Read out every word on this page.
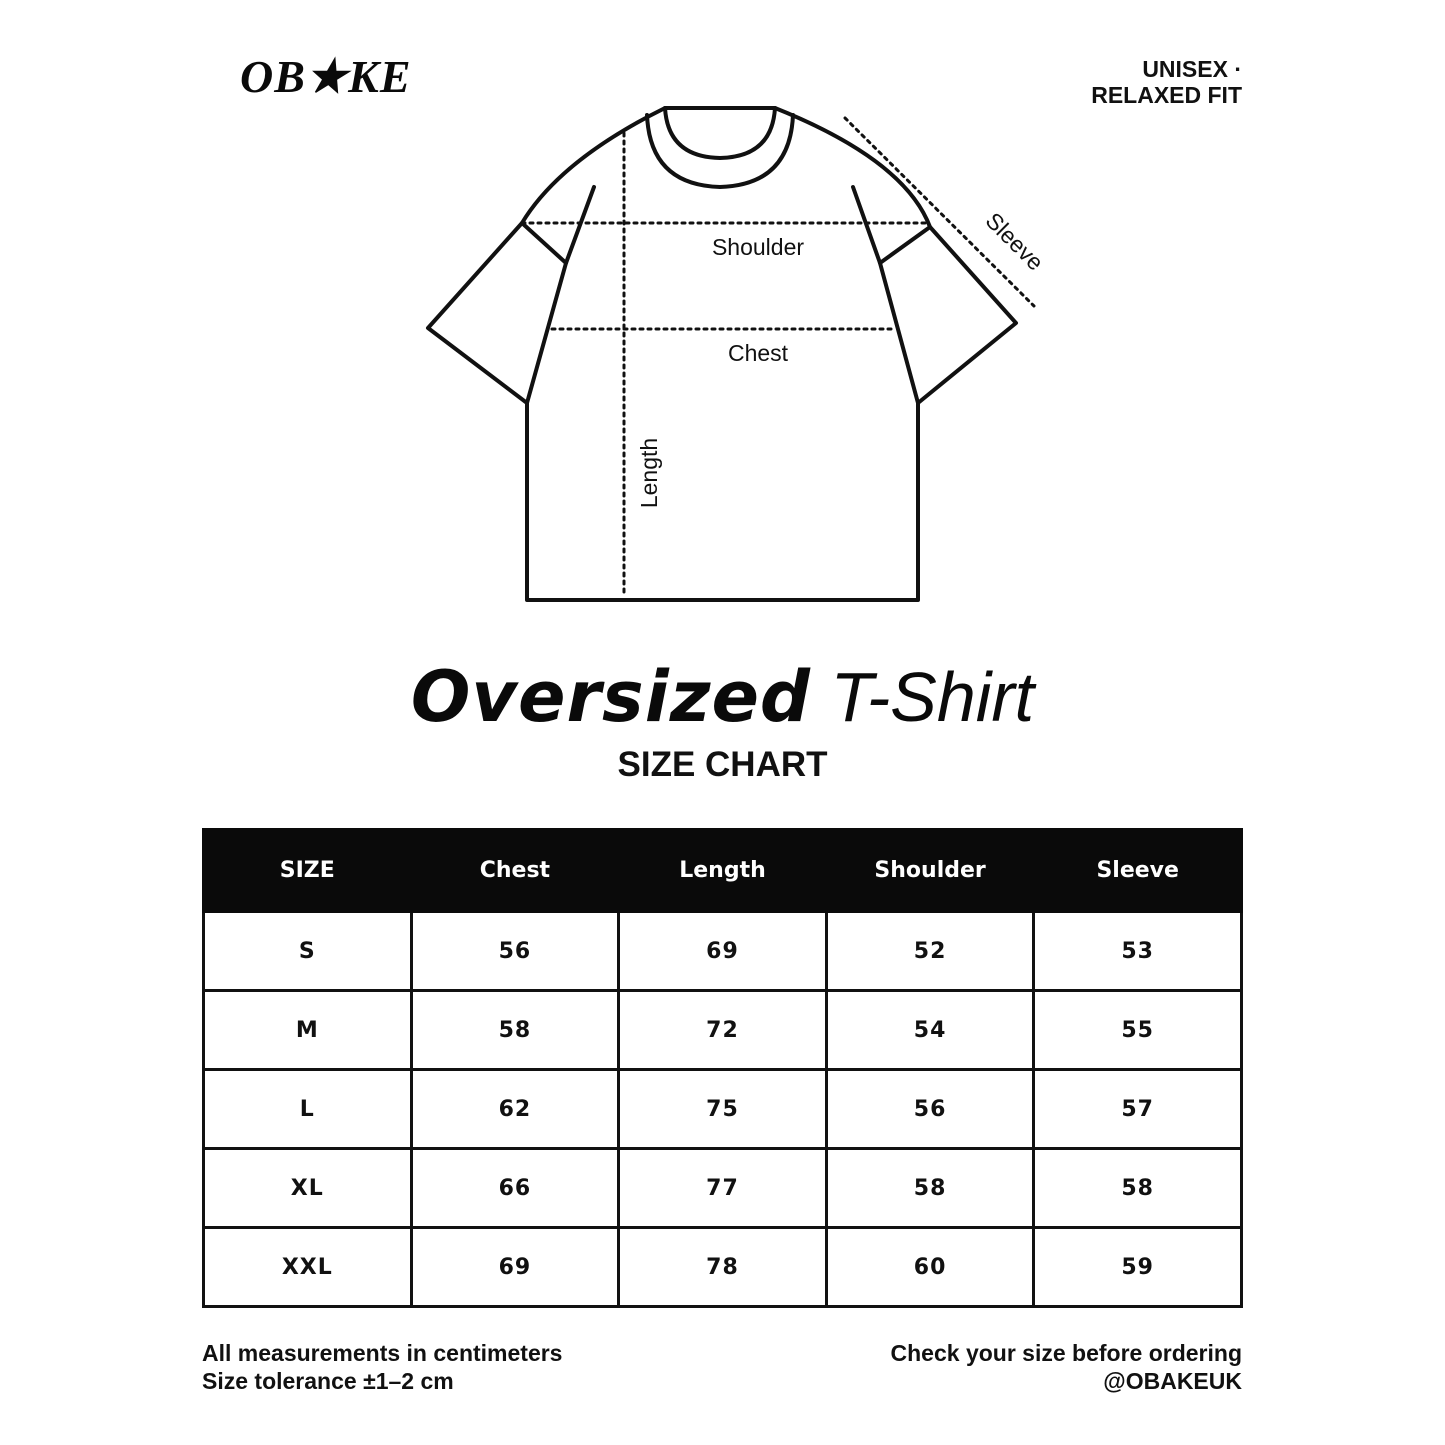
OB★KE	UNISEX ·
RELAXED FIT
Shoulder
Chest
Length
Sleeve
Oversized T-Shirt
SIZE CHART
SIZE	Chest	Length	Shoulder	Sleeve
S	56	69	52	53
M	58	72	54	55
L	62	75	56	57
XL	66	77	58	58
XXL	69	78	60	59
All measurements in centimeters
Size tolerance ±1–2 cm
Check your size before ordering
@OBAKEUK
